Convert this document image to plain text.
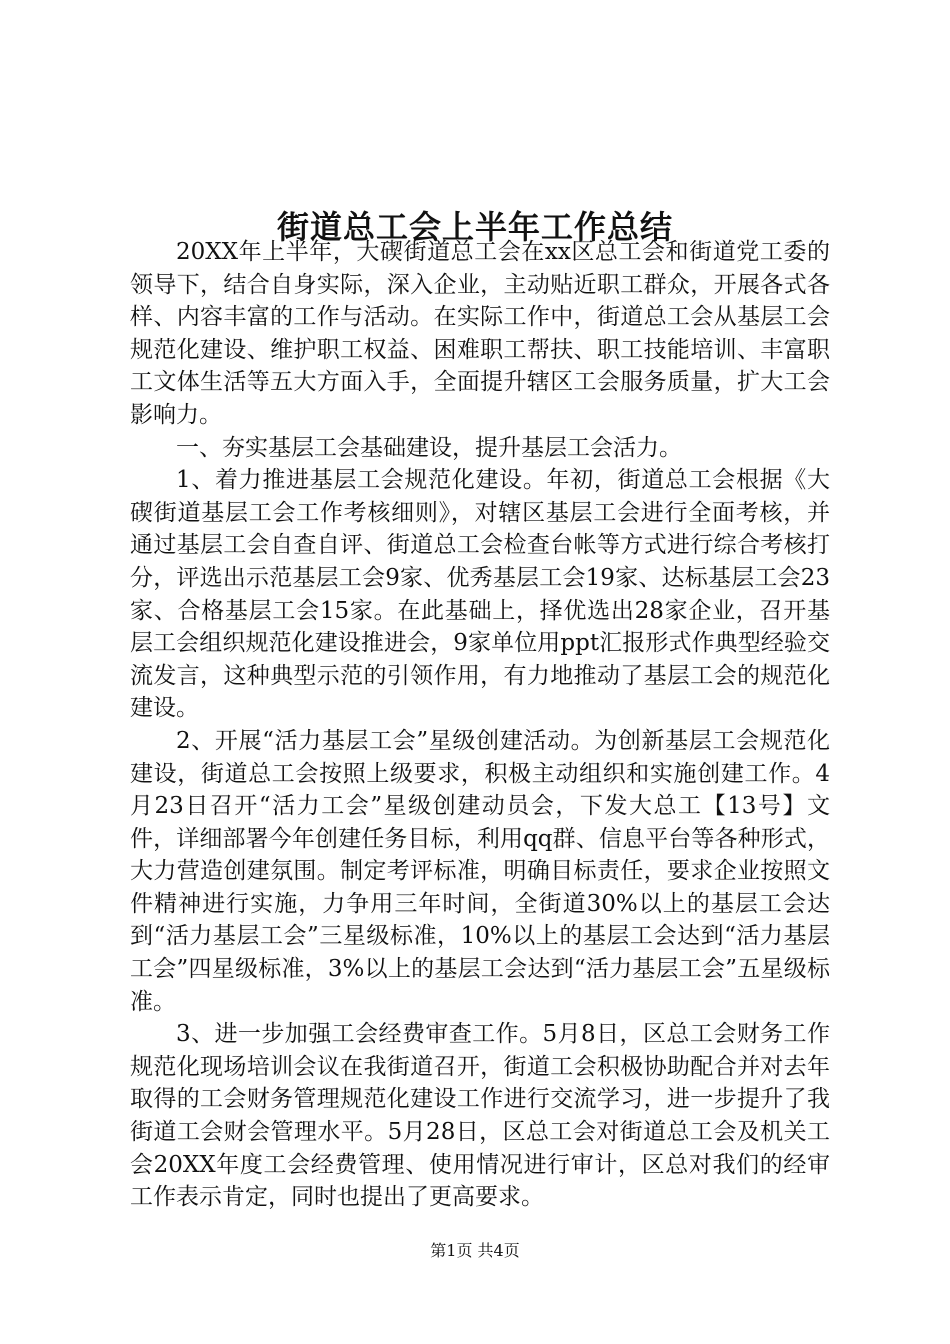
街道总工会上半年工作总结

20XX年上半年，大碶街道总工会在xx区总工会和街道党工委的领导下，结合自身实际，深入企业，主动贴近职工群众，开展各式各样、内容丰富的工作与活动。在实际工作中，街道总工会从基层工会规范化建设、维护职工权益、困难职工帮扶、职工技能培训、丰富职工文体生活等五大方面入手，全面提升辖区工会服务质量，扩大工会影响力。

一、夯实基层工会基础建设，提升基层工会活力。

1、着力推进基层工会规范化建设。年初，街道总工会根据《大碶街道基层工会工作考核细则》，对辖区基层工会进行全面考核，并通过基层工会自查自评、街道总工会检查台帐等方式进行综合考核打分，评选出示范基层工会9家、优秀基层工会19家、达标基层工会23家、合格基层工会15家。在此基础上，择优选出28家企业，召开基层工会组织规范化建设推进会，9家单位用ppt汇报形式作典型经验交流发言，这种典型示范的引领作用，有力地推动了基层工会的规范化建设。

2、开展“活力基层工会”星级创建活动。为创新基层工会规范化建设，街道总工会按照上级要求，积极主动组织和实施创建工作。4月23日召开“活力工会”星级创建动员会，下发大总工【13号】文件，详细部署今年创建任务目标，利用qq群、信息平台等各种形式，大力营造创建氛围。制定考评标准，明确目标责任，要求企业按照文件精神进行实施，力争用三年时间，全街道30%以上的基层工会达到“活力基层工会”三星级标准，10%以上的基层工会达到“活力基层工会”四星级标准，3%以上的基层工会达到“活力基层工会”五星级标准。

3、进一步加强工会经费审查工作。5月8日，区总工会财务工作规范化现场培训会议在我街道召开，街道工会积极协助配合并对去年取得的工会财务管理规范化建设工作进行交流学习，进一步提升了我街道工会财会管理水平。5月28日，区总工会对街道总工会及机关工会20XX年度工会经费管理、使用情况进行审计，区总对我们的经审工作表示肯定，同时也提出了更高要求。

第1页 共4页
